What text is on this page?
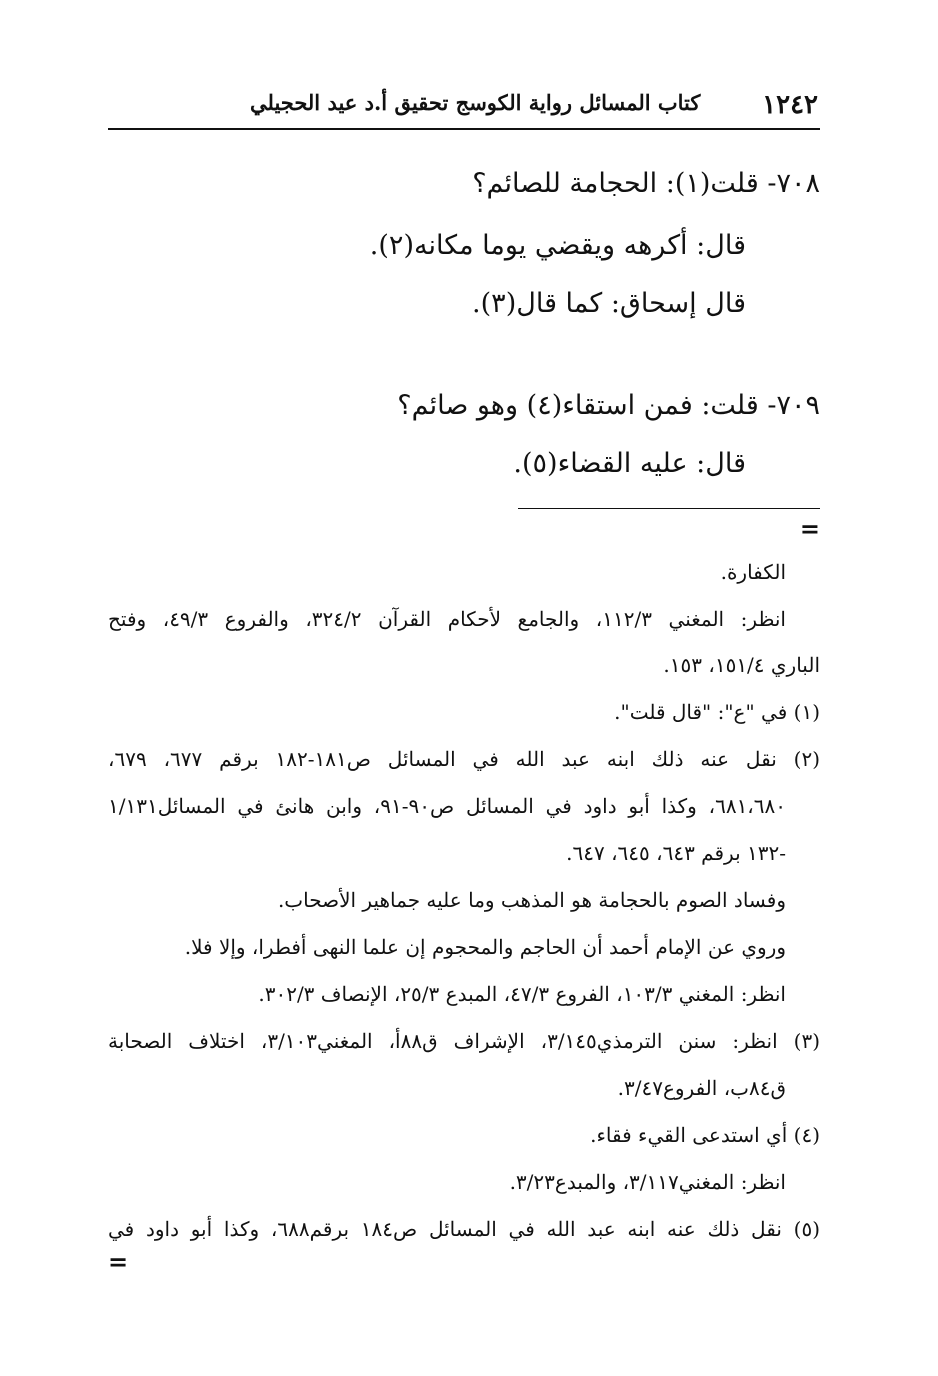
١٢٤٢
كتاب المسائل رواية الكوسج تحقيق أ.د عيد الحجيلي
٧٠٨- قلت(١): الحجامة للصائم؟
قال: أكرهه ويقضي يوما مكانه(٢).
قال إسحاق: كما قال(٣).
٧٠٩- قلت: فمن استقاء(٤) وهو صائم؟
قال: عليه القضاء(٥).
=
الكفارة.
انظر: المغني ١١٢/٣، والجامع لأحكام القرآن ٣٢٤/٢، والفروع ٤٩/٣، وفتح
الباري ١٥١/٤، ١٥٣.
(١) في "ع": "قال قلت".
(٢) نقل عنه ذلك ابنه عبد الله في المسائل ص١٨١-١٨٢ برقم ٦٧٧، ٦٧٩،
٦٨١،٦٨٠، وكذا أبو داود في المسائل ص٩٠-٩١، وابن هانئ في المسائل١/١٣١
-١٣٢ برقم ٦٤٣، ٦٤٥، ٦٤٧.
وفساد الصوم بالحجامة هو المذهب وما عليه جماهير الأصحاب.
وروي عن الإمام أحمد أن الحاجم والمحجوم إن علما النهى أفطرا، وإلا فلا.
انظر: المغني ١٠٣/٣، الفروع ٤٧/٣، المبدع ٢٥/٣، الإنصاف ٣٠٢/٣.
(٣) انظر: سنن الترمذي٣/١٤٥، الإشراف ق٨٨أ، المغني٣/١٠٣، اختلاف الصحابة
ق٨٤ب، الفروع٣/٤٧.
(٤) أي استدعى القيء فقاء.
انظر: المغني٣/١١٧، والمبدع٣/٢٣.
(٥) نقل ذلك عنه ابنه عبد الله في المسائل ص١٨٤ برقم٦٨٨، وكذا أبو داود في
=
